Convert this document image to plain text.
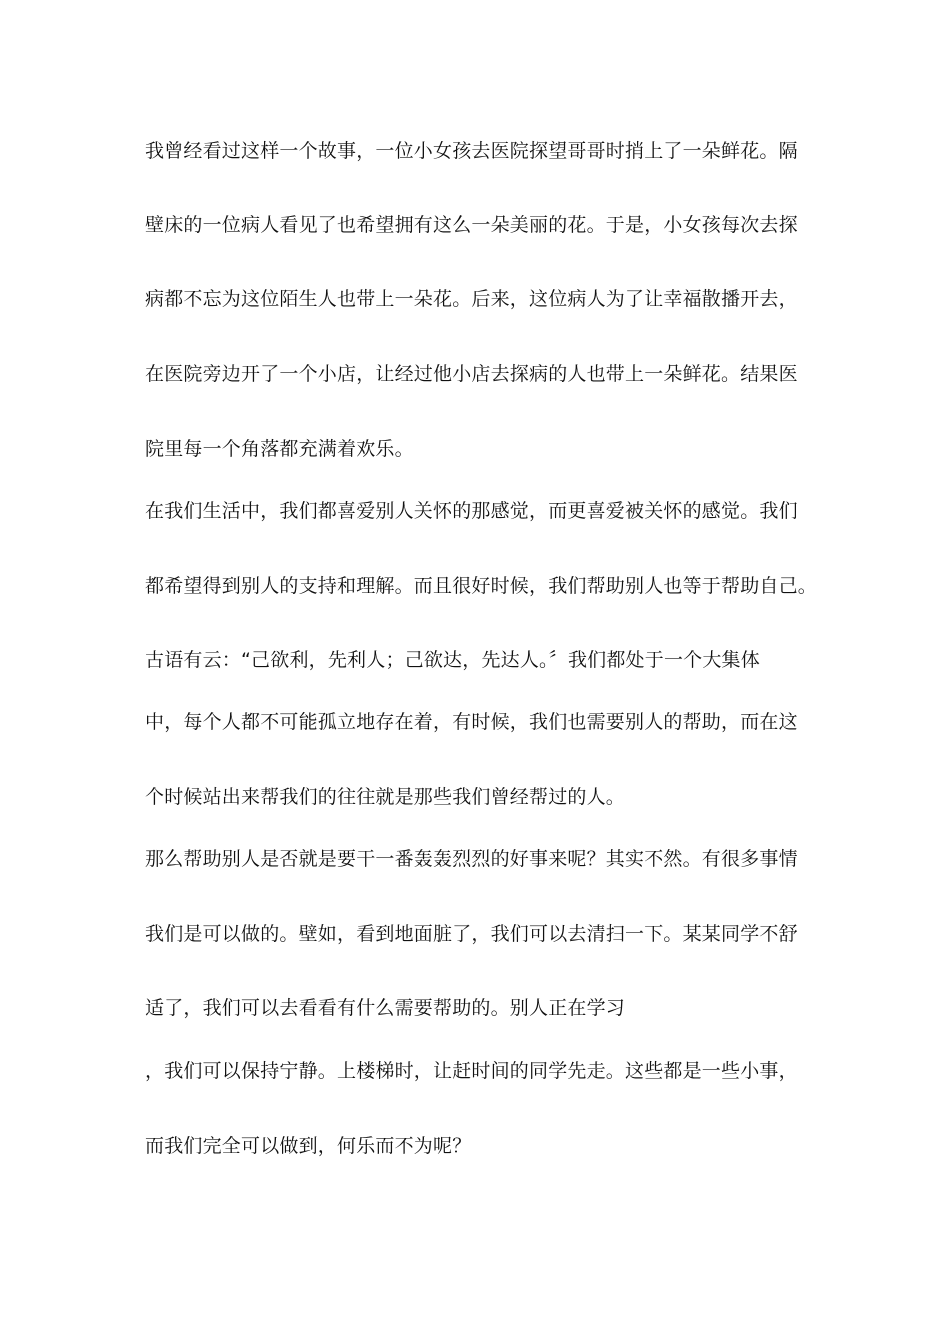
我曾经看过这样一个故事，一位小女孩去医院探望哥哥时捎上了一朵鲜花。隔
壁床的一位病人看见了也希望拥有这么一朵美丽的花。于是，小女孩每次去探
病都不忘为这位陌生人也带上一朵花。后来，这位病人为了让幸福散播开去，
在医院旁边开了一个小店，让经过他小店去探病的人也带上一朵鲜花。结果医
院里每一个角落都充满着欢乐。
在我们生活中，我们都喜爱别人关怀的那感觉，而更喜爱被关怀的感觉。我们
都希望得到别人的支持和理解。而且很好时候，我们帮助别人也等于帮助自己。
古语有云：“己欲利，先利人；己欲达，先达人。〞我们都处于一个大集体
中，每个人都不可能孤立地存在着，有时候，我们也需要别人的帮助，而在这
个时候站出来帮我们的往往就是那些我们曾经帮过的人。
那么帮助别人是否就是要干一番轰轰烈烈的好事来呢？其实不然。有很多事情
我们是可以做的。壁如，看到地面脏了，我们可以去清扫一下。某某同学不舒
适了，我们可以去看看有什么需要帮助的。别人正在学习
，我们可以保持宁静。上楼梯时，让赶时间的同学先走。这些都是一些小事，
而我们完全可以做到，何乐而不为呢？
